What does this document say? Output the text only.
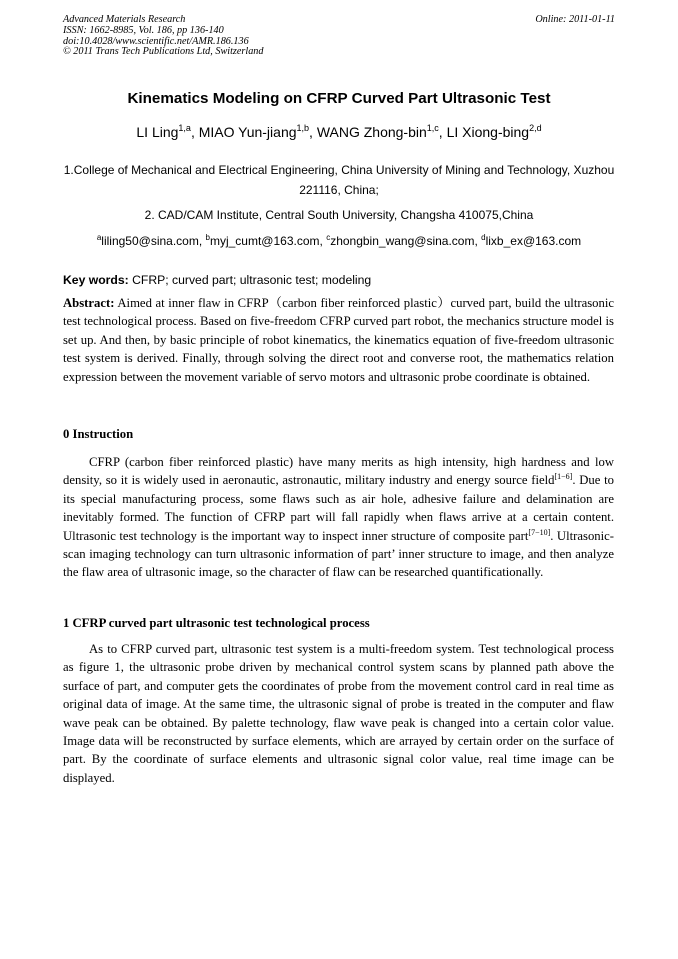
Advanced Materials Research
ISSN: 1662-8985, Vol. 186, pp 136-140
doi:10.4028/www.scientific.net/AMR.186.136
© 2011 Trans Tech Publications Ltd, Switzerland
Online: 2011-01-11
Kinematics Modeling on CFRP Curved Part Ultrasonic Test
LI Ling$^{1,a}$, MIAO Yun-jiang$^{1,b}$, WANG Zhong-bin$^{1,c}$, LI Xiong-bing$^{2,d}$
1.College of Mechanical and Electrical Engineering, China University of Mining and Technology, Xuzhou 221116, China;
2. CAD/CAM Institute, Central South University, Changsha 410075,China
$^a$liling50@sina.com, $^b$myj_cumt@163.com, $^c$zhongbin_wang@sina.com, $^d$lixb_ex@163.com
Key words: CFRP; curved part; ultrasonic test; modeling
Abstract: Aimed at inner flaw in CFRP（carbon fiber reinforced plastic）curved part, build the ultrasonic test technological process. Based on five-freedom CFRP curved part robot, the mechanics structure model is set up. And then, by basic principle of robot kinematics, the kinematics equation of five-freedom ultrasonic test system is derived. Finally, through solving the direct root and converse root, the mathematics relation expression between the movement variable of servo motors and ultrasonic probe coordinate is obtained.
0 Instruction
CFRP (carbon fiber reinforced plastic) have many merits as high intensity, high hardness and low density, so it is widely used in aeronautic, astronautic, military industry and energy source field[1−6]. Due to its special manufacturing process, some flaws such as air hole, adhesive failure and delamination are inevitably formed. The function of CFRP part will fall rapidly when flaws arrive at a certain content. Ultrasonic test technology is the important way to inspect inner structure of composite part[7−10]. Ultrasonic-scan imaging technology can turn ultrasonic information of part’ inner structure to image, and then analyze the flaw area of ultrasonic image, so the character of flaw can be researched quantificationally.
1 CFRP curved part ultrasonic test technological process
As to CFRP curved part, ultrasonic test system is a multi-freedom system. Test technological process as figure 1, the ultrasonic probe driven by mechanical control system scans by planned path above the surface of part, and computer gets the coordinates of probe from the movement control card in real time as original data of image. At the same time, the ultrasonic signal of probe is treated in the computer and flaw wave peak can be obtained. By palette technology, flaw wave peak is changed into a certain color value. Image data will be reconstructed by surface elements, which are arrayed by certain order on the surface of part. By the coordinate of surface elements and ultrasonic signal color value, real time image can be displayed.
